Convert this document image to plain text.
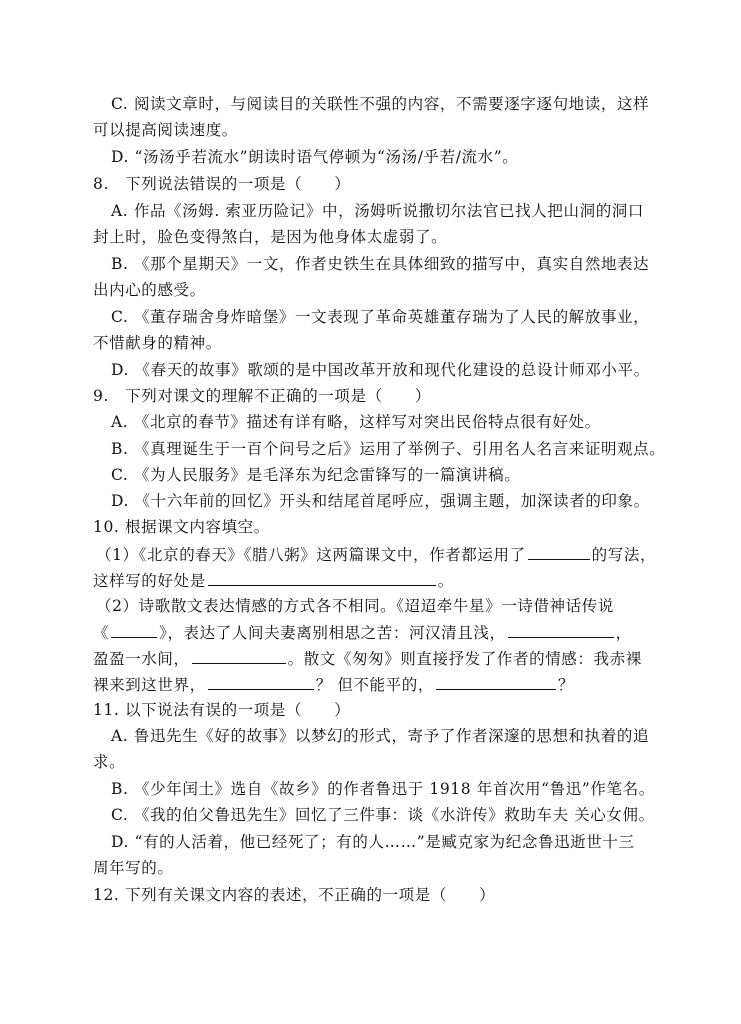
C. 阅读文章时，与阅读目的关联性不强的内容，不需要逐字逐句地读，这样
可以提高阅读速度。
D. “汤汤乎若流水”朗读时语气停顿为“汤汤/乎若/流水”。
8.　下列说法错误的一项是（　　）
A. 作品《汤姆. 索亚历险记》中，汤姆听说撒切尔法官已找人把山洞的洞口
封上时，脸色变得煞白，是因为他身体太虚弱了。
B. 《那个星期天》一文，作者史铁生在具体细致的描写中，真实自然地表达
出内心的感受。
C. 《董存瑞舍身炸暗堡》一文表现了革命英雄董存瑞为了人民的解放事业，
不惜献身的精神。
D. 《春天的故事》歌颂的是中国改革开放和现代化建设的总设计师邓小平。
9.　下列对课文的理解不正确的一项是（　　）
A. 《北京的春节》描述有详有略，这样写对突出民俗特点很有好处。
B. 《真理诞生于一百个问号之后》运用了举例子、引用名人名言来证明观点。
C. 《为人民服务》是毛泽东为纪念雷锋写的一篇演讲稿。
D. 《十六年前的回忆》开头和结尾首尾呼应，强调主题，加深读者的印象。
10. 根据课文内容填空。
（1）《北京的春天》《腊八粥》这两篇课文中，作者都运用了	的写法，
这样写的好处是	。
（2）诗歌散文表达情感的方式各不相同。《迢迢牵牛星》一诗借神话传说
《	》，表达了人间夫妻离别相思之苦：河汉清且浅，	，
盈盈一水间，	。散文《匆匆》则直接抒发了作者的情感：我赤裸
裸来到这世界，	？ 但不能平的，	？
11. 以下说法有误的一项是（　　）
A. 鲁迅先生《好的故事》以梦幻的形式，寄予了作者深邃的思想和执着的追
求。
B. 《少年闰土》选自《故乡》的作者鲁迅于 1918 年首次用“鲁迅”作笔名。
C. 《我的伯父鲁迅先生》回忆了三件事：谈《水浒传》救助车夫 关心女佣。
D. “有的人活着，他已经死了；有的人……”是臧克家为纪念鲁迅逝世十三
周年写的。
12. 下列有关课文内容的表述，不正确的一项是（　　）
